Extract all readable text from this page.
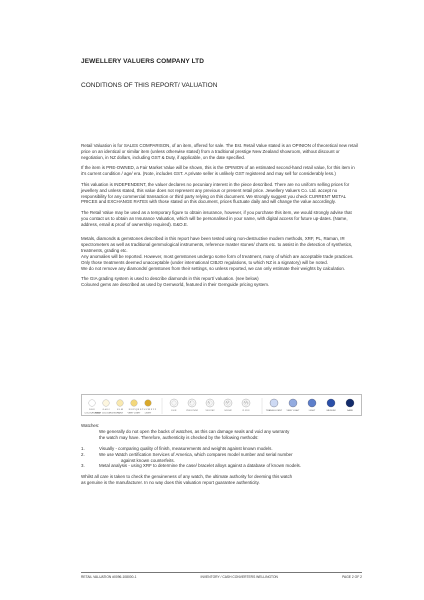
JEWELLERY VALUERS COMPANY LTD
CONDITIONS OF THIS REPORT/ VALUATION

Retail Valuation is for SALES COMPARISON, of an item, offered for sale. The Est. Retail Value stated is an OPINION of theoretical new retail price on an identical or similar item (unless otherwise stated) from a traditional prestige New Zealand showroom, without discount or negotiation, in NZ dollars, including GST & Duty, if applicable, on the date specified.

If the item is PRE-OWNED, a Fair Market Value will be shown, this is the OPINION of an estimated second-hand retail value, for this item in it's current condition / age/ era. (Note, includes GST. A private seller is unlikely GST registered and may sell for considerably less.)

This valuation is INDEPENDENT, the valuer declares no pecuniary interest in the piece described. There are no uniform selling prices for jewellery and unless stated, this value does not represent any previous or present retail price. Jewellery Valuers Co. Ltd. accept no responsibility for any commercial transaction or third party relying on this document. We strongly suggest you check CURRENT METAL PRICES and EXCHANGE RATES with those stated on this document, prices fluctuate daily and will change the value accordingly.

The Retail Value may be used as a temporary figure to obtain insurance, however, if you purchase this item, we would strongly advise that you contact us to obtain an Insurance Valuation, which will be personalised in your name, with digital access for future up-dates. (Name, address, email & proof of ownership required). E&O.E.

Metals, diamonds & gemstones described in this report have been tested using non-destructive modern methods, XRF, PL, Raman, IR spectrometers as well as traditional gemmological instruments, reference master stones/ charts etc. to assist in the detection of synthetics, treatments, grading etc.

Any anomalies will be reported. However, most gemstones undergo some form of treatment, many of which are acceptable trade practices. Only those treatments deemed unacceptable (under international CIBJO regulations, to which NZ is a signatory) will be noted.

We do not remove any diamonds/ gemstones from their settings, so unless reported, we can only estimate their weights by calculation.

The GIA grading system is used to describe diamonds in this report/ valuation. (see below)

Coloured gems are described as used by Gemworld, featured in their Gemguide pricing system.

D E F
COLOURLESS
G H I J
NEAR COLOURLESS
K L M
FAINT
N O P Q R
VERY LIGHT
S T U V W X Y Z
LIGHT
FL IF	VVS1 VVS2	VS1 VS2	SI1 SI2	I1 I2 I3	TRANSLUCENT VERY LIGHT	LIGHT	MEDIUM	DARK
Watches:
We generally do not open the backs of watches, as this can damage seals and void any warranty
the watch may have. Therefore, authenticity is checked by the following methods:
1.	Visually - comparing quality of finish, measurements and weights against known models.
2.	We use Watch certification Services of America, which compares model number and serial number
against known counterfeits.
3.	Metal analysis - using XRF to determine the case/ bracelet alloys against a database of known models.
Whilst all care is taken to check the genuineness of any watch, the ultimate authority for deeming this watch
as genuine is the manufacturer. In no way does this valuation report guarantee authenticity.
RETAIL VALUATION #0096-108000-1	INVENTORY / CASH CONVERTERS WELLINGTON	PAGE 2 OF 2
